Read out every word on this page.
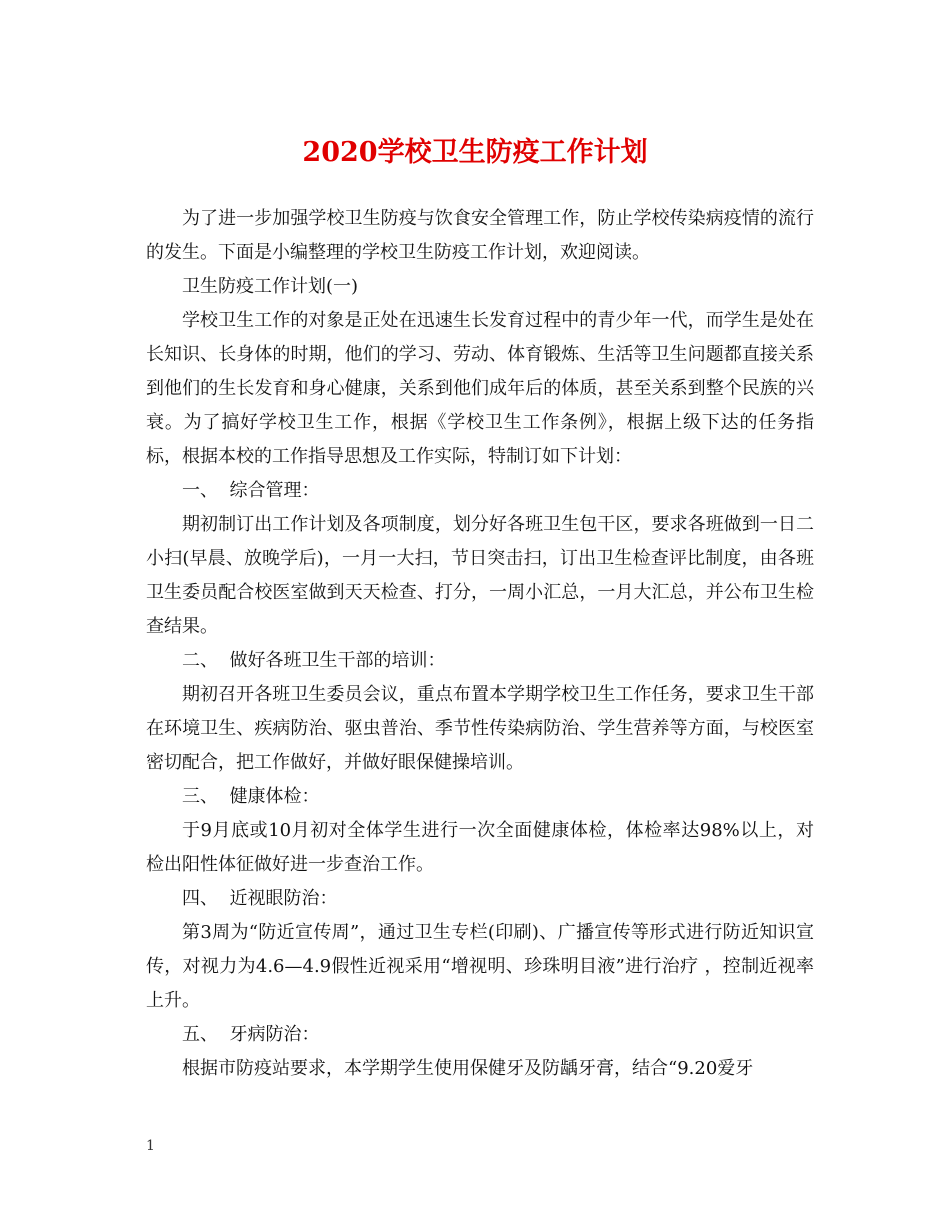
2020学校卫生防疫工作计划

为了进一步加强学校卫生防疫与饮食安全管理工作，防止学校传染病疫情的流行的发生。下面是小编整理的学校卫生防疫工作计划，欢迎阅读。

卫生防疫工作计划(一)

学校卫生工作的对象是正处在迅速生长发育过程中的青少年一代，而学生是处在长知识、长身体的时期，他们的学习、劳动、体育锻炼、生活等卫生问题都直接关系到他们的生长发育和身心健康，关系到他们成年后的体质，甚至关系到整个民族的兴衰。为了搞好学校卫生工作，根据《学校卫生工作条例》，根据上级下达的任务指标，根据本校的工作指导思想及工作实际，特制订如下计划：

一、  综合管理：

期初制订出工作计划及各项制度，划分好各班卫生包干区，要求各班做到一日二小扫(早晨、放晚学后)，一月一大扫，节日突击扫，订出卫生检查评比制度，由各班卫生委员配合校医室做到天天检查、打分，一周小汇总，一月大汇总，并公布卫生检查结果。

二、  做好各班卫生干部的培训：

期初召开各班卫生委员会议，重点布置本学期学校卫生工作任务，要求卫生干部在环境卫生、疾病防治、驱虫普治、季节性传染病防治、学生营养等方面，与校医室密切配合，把工作做好，并做好眼保健操培训。

三、  健康体检：

于9月底或10月初对全体学生进行一次全面健康体检，体检率达98%以上，对检出阳性体征做好进一步查治工作。

四、  近视眼防治：

第3周为“防近宣传周”，通过卫生专栏(印刷)、广播宣传等形式进行防近知识宣传，对视力为4.6—4.9假性近视采用“增视明、珍珠明目液”进行治疗 ，控制近视率上升。

五、  牙病防治：

根据市防疫站要求，本学期学生使用保健牙及防龋牙膏，结合“9.20爱牙

1
